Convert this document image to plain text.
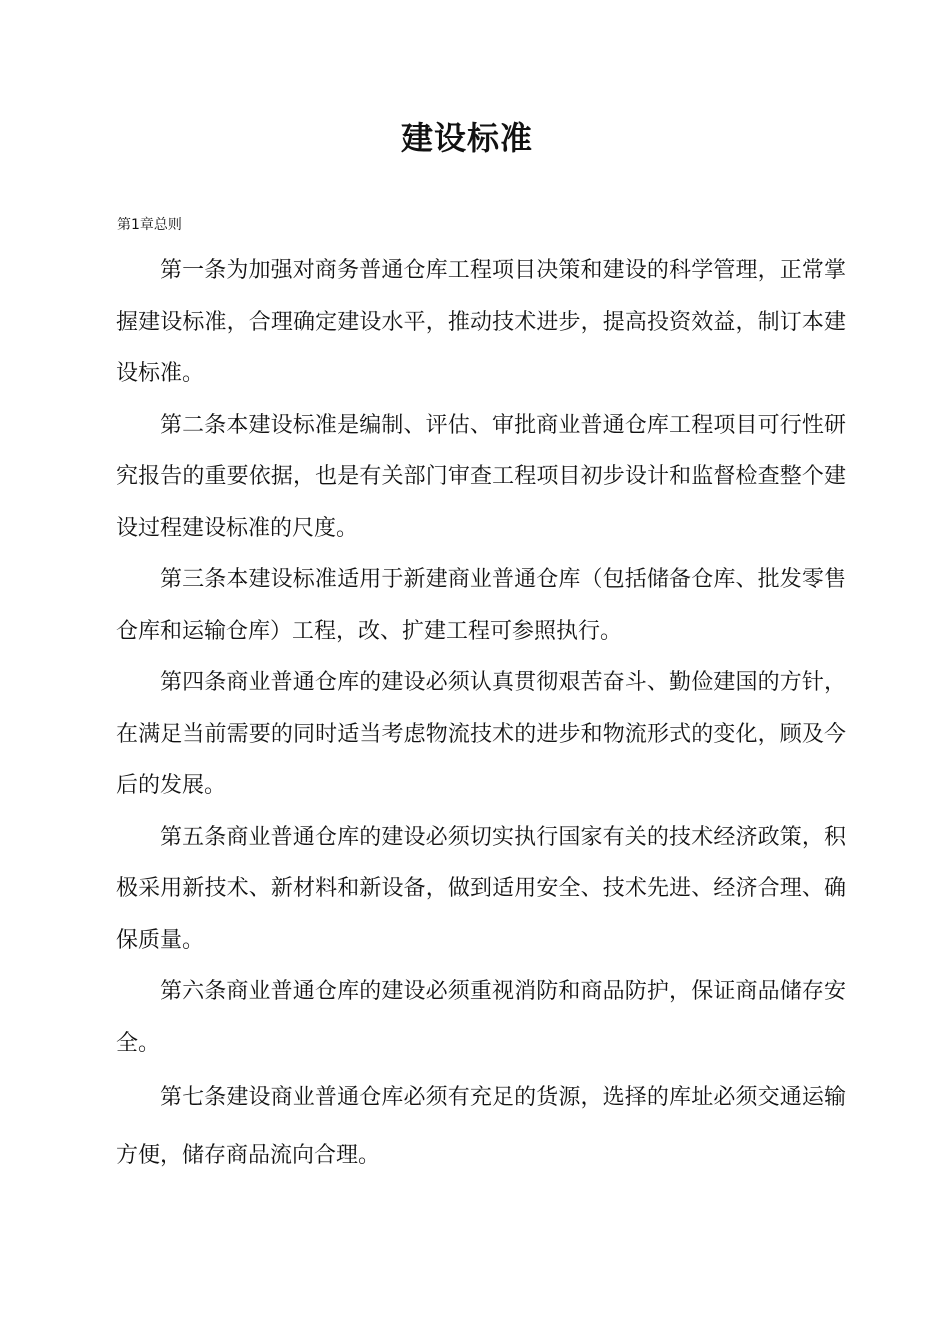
建设标准
第1章总则

第一条为加强对商务普通仓库工程项目决策和建设的科学管理，正常掌握建设标准，合理确定建设水平，推动技术进步，提高投资效益，制订本建设标准。

第二条本建设标准是编制、评估、审批商业普通仓库工程项目可行性研究报告的重要依据，也是有关部门审查工程项目初步设计和监督检查整个建设过程建设标准的尺度。

第三条本建设标准适用于新建商业普通仓库（包括储备仓库、批发零售仓库和运输仓库）工程，改、扩建工程可参照执行。

第四条商业普通仓库的建设必须认真贯彻艰苦奋斗、勤俭建国的方针，在满足当前需要的同时适当考虑物流技术的进步和物流形式的变化，顾及今后的发展。

第五条商业普通仓库的建设必须切实执行国家有关的技术经济政策，积极采用新技术、新材料和新设备，做到适用安全、技术先进、经济合理、确保质量。

第六条商业普通仓库的建设必须重视消防和商品防护，保证商品储存安全。

第七条建设商业普通仓库必须有充足的货源，选择的库址必须交通运输方便，储存商品流向合理。
